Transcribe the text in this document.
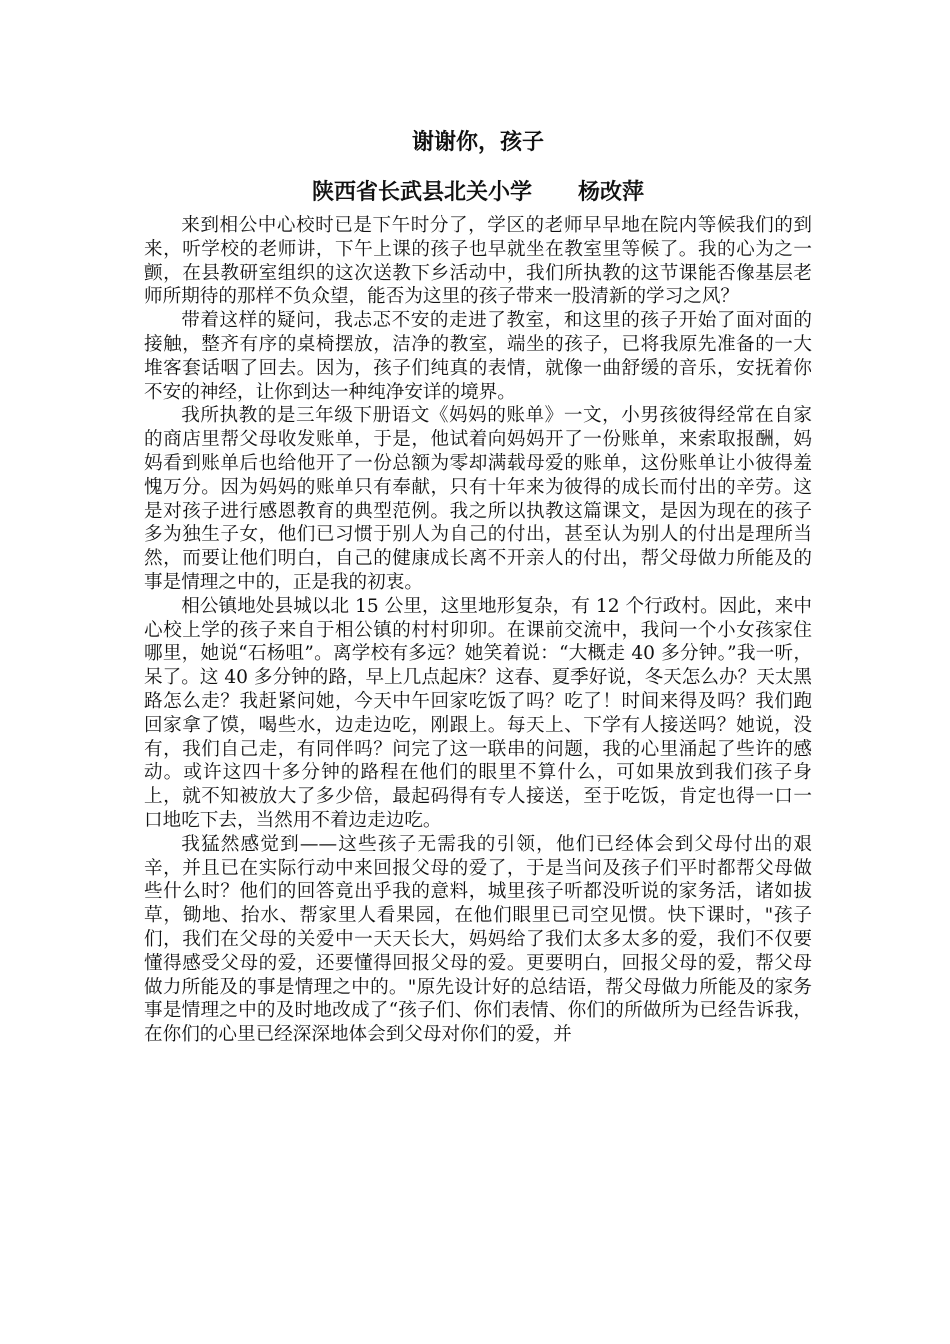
谢谢你，孩子
陕西省长武县北关小学 杨改萍

来到相公中心校时已是下午时分了，学区的老师早早地在院内等候我们的到来，听学校的老师讲，下午上课的孩子也早就坐在教室里等候了。我的心为之一颤，在县教研室组织的这次送教下乡活动中，我们所执教的这节课能否像基层老师所期待的那样不负众望，能否为这里的孩子带来一股清新的学习之风？

带着这样的疑问，我忐忑不安的走进了教室，和这里的孩子开始了面对面的接触，整齐有序的桌椅摆放，洁净的教室，端坐的孩子，已将我原先准备的一大堆客套话咽了回去。因为，孩子们纯真的表情，就像一曲舒缓的音乐，安抚着你不安的神经，让你到达一种纯净安详的境界。

我所执教的是三年级下册语文《妈妈的账单》一文，小男孩彼得经常在自家的商店里帮父母收发账单，于是，他试着向妈妈开了一份账单，来索取报酬，妈妈看到账单后也给他开了一份总额为零却满载母爱的账单，这份账单让小彼得羞愧万分。因为妈妈的账单只有奉献，只有十年来为彼得的成长而付出的辛劳。这是对孩子进行感恩教育的典型范例。我之所以执教这篇课文，是因为现在的孩子多为独生子女，他们已习惯于别人为自己的付出，甚至认为别人的付出是理所当然，而要让他们明白，自己的健康成长离不开亲人的付出，帮父母做力所能及的事是情理之中的，正是我的初衷。

相公镇地处县城以北 15 公里，这里地形复杂，有 12 个行政村。因此，来中心校上学的孩子来自于相公镇的村村卯卯。在课前交流中，我问一个小女孩家住哪里，她说“石杨咀”。离学校有多远？她笑着说：“大概走 40 多分钟。”我一听，呆了。这 40 多分钟的路，早上几点起床？这春、夏季好说，冬天怎么办？天太黑路怎么走？我赶紧问她，今天中午回家吃饭了吗？吃了！时间来得及吗？我们跑回家拿了馍，喝些水，边走边吃，刚跟上。每天上、下学有人接送吗？她说，没有，我们自己走，有同伴吗？问完了这一联串的问题，我的心里涌起了些许的感动。或许这四十多分钟的路程在他们的眼里不算什么，可如果放到我们孩子身上，就不知被放大了多少倍，最起码得有专人接送，至于吃饭，肯定也得一口一口地吃下去，当然用不着边走边吃。

我猛然感觉到——这些孩子无需我的引领，他们已经体会到父母付出的艰辛，并且已在实际行动中来回报父母的爱了，于是当问及孩子们平时都帮父母做些什么时？他们的回答竟出乎我的意料，城里孩子听都没听说的家务活，诸如拔草，锄地、抬水、帮家里人看果园，在他们眼里已司空见惯。快下课时，"孩子们，我们在父母的关爱中一天天长大，妈妈给了我们太多太多的爱，我们不仅要懂得感受父母的爱，还要懂得回报父母的爱。更要明白，回报父母的爱，帮父母做力所能及的事是情理之中的。"原先设计好的总结语，帮父母做力所能及的家务事是情理之中的及时地改成了“孩子们、你们表情、你们的所做所为已经告诉我，在你们的心里已经深深地体会到父母对你们的爱，并
